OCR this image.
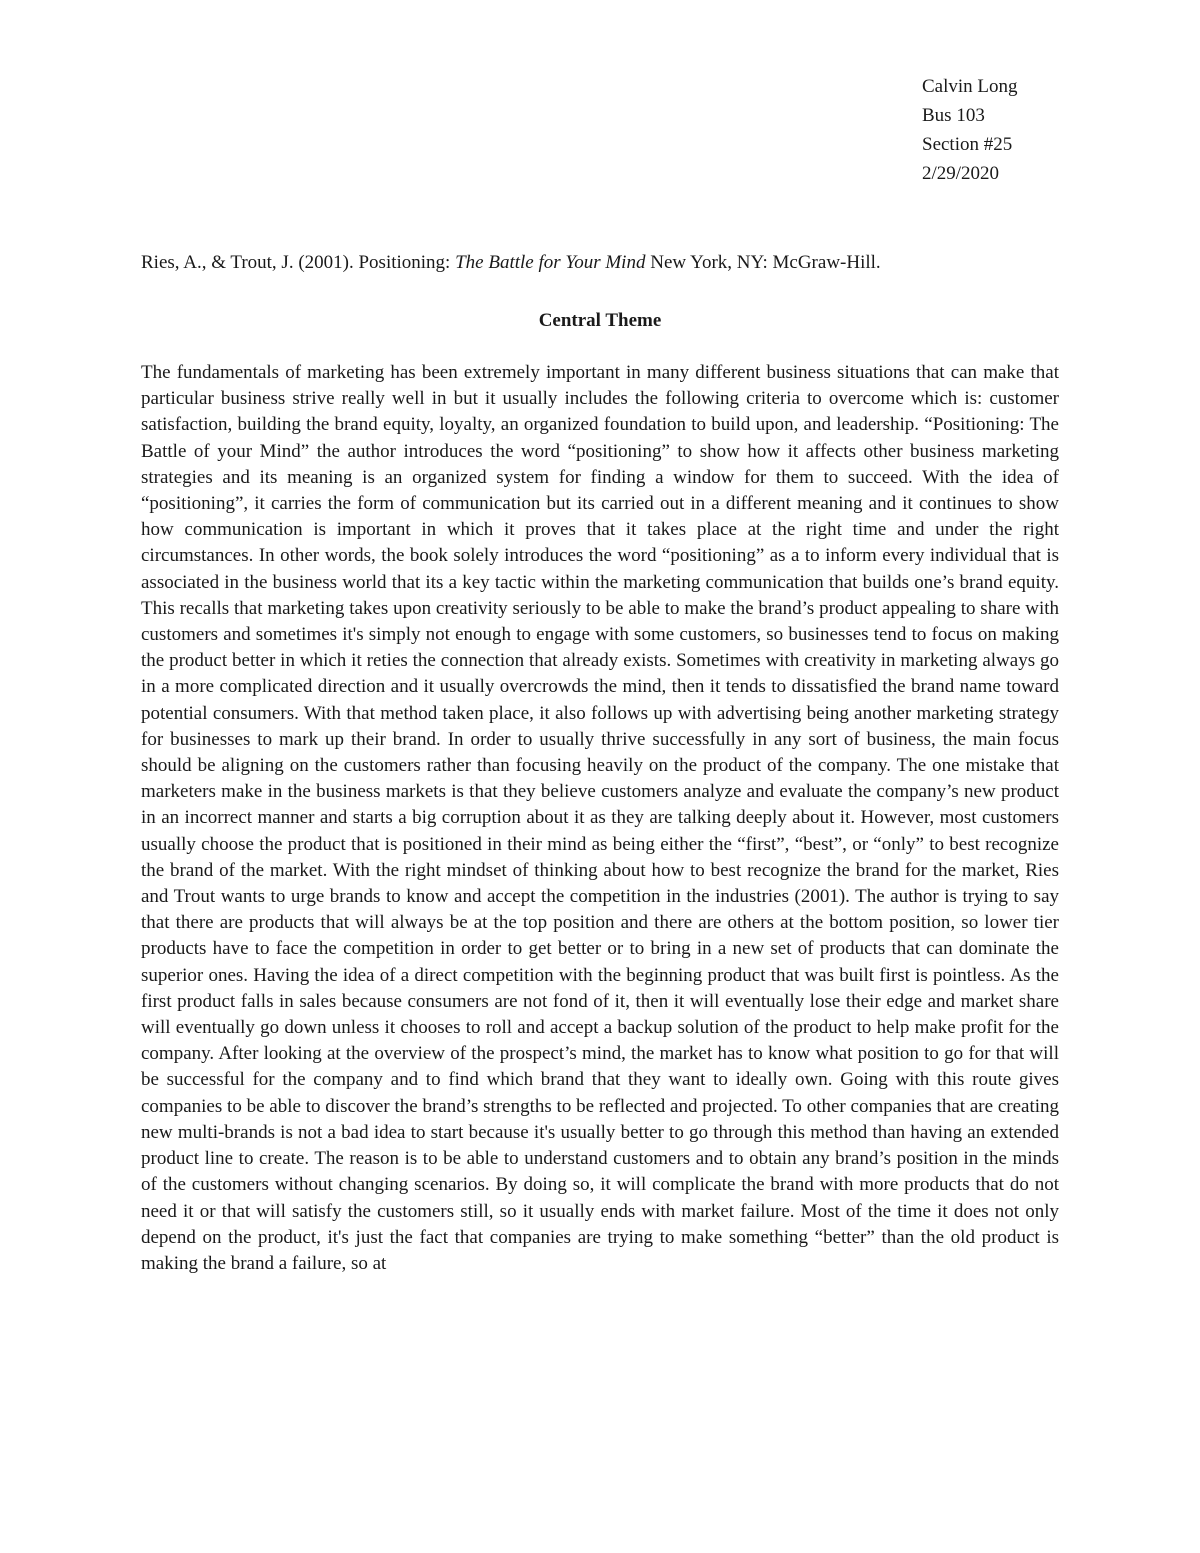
Calvin Long
Bus 103
Section #25
2/29/2020
Ries, A., & Trout, J. (2001). Positioning: The Battle for Your Mind New York, NY: McGraw-Hill.
Central Theme

The fundamentals of marketing has been extremely important in many different business situations that can make that particular business strive really well in but it usually includes the following criteria to overcome which is: customer satisfaction, building the brand equity, loyalty, an organized foundation to build upon, and leadership. “Positioning: The Battle of your Mind” the author introduces the word “positioning” to show how it affects other business marketing strategies and its meaning is an organized system for finding a window for them to succeed. With the idea of “positioning”, it carries the form of communication but its carried out in a different meaning and it continues to show how communication is important in which it proves that it takes place at the right time and under the right circumstances. In other words, the book solely introduces the word “positioning” as a to inform every individual that is associated in the business world that its a key tactic within the marketing communication that builds one’s brand equity. This recalls that marketing takes upon creativity seriously to be able to make the brand’s product appealing to share with customers and sometimes it's simply not enough to engage with some customers, so businesses tend to focus on making the product better in which it reties the connection that already exists. Sometimes with creativity in marketing always go in a more complicated direction and it usually overcrowds the mind, then it tends to dissatisfied the brand name toward potential consumers. With that method taken place, it also follows up with advertising being another marketing strategy for businesses to mark up their brand. In order to usually thrive successfully in any sort of business, the main focus should be aligning on the customers rather than focusing heavily on the product of the company. The one mistake that marketers make in the business markets is that they believe customers analyze and evaluate the company’s new product in an incorrect manner and starts a big corruption about it as they are talking deeply about it. However, most customers usually choose the product that is positioned in their mind as being either the “first”, “best”, or “only” to best recognize the brand of the market. With the right mindset of thinking about how to best recognize the brand for the market, Ries and Trout wants to urge brands to know and accept the competition in the industries (2001). The author is trying to say that there are products that will always be at the top position and there are others at the bottom position, so lower tier products have to face the competition in order to get better or to bring in a new set of products that can dominate the superior ones. Having the idea of a direct competition with the beginning product that was built first is pointless. As the first product falls in sales because consumers are not fond of it, then it will eventually lose their edge and market share will eventually go down unless it chooses to roll and accept a backup solution of the product to help make profit for the company. After looking at the overview of the prospect’s mind, the market has to know what position to go for that will be successful for the company and to find which brand that they want to ideally own. Going with this route gives companies to be able to discover the brand’s strengths to be reflected and projected. To other companies that are creating new multi-brands is not a bad idea to start because it's usually better to go through this method than having an extended product line to create. The reason is to be able to understand customers and to obtain any brand’s position in the minds of the customers without changing scenarios. By doing so, it will complicate the brand with more products that do not need it or that will satisfy the customers still, so it usually ends with market failure. Most of the time it does not only depend on the product, it's just the fact that companies are trying to make something “better” than the old product is making the brand a failure, so at
